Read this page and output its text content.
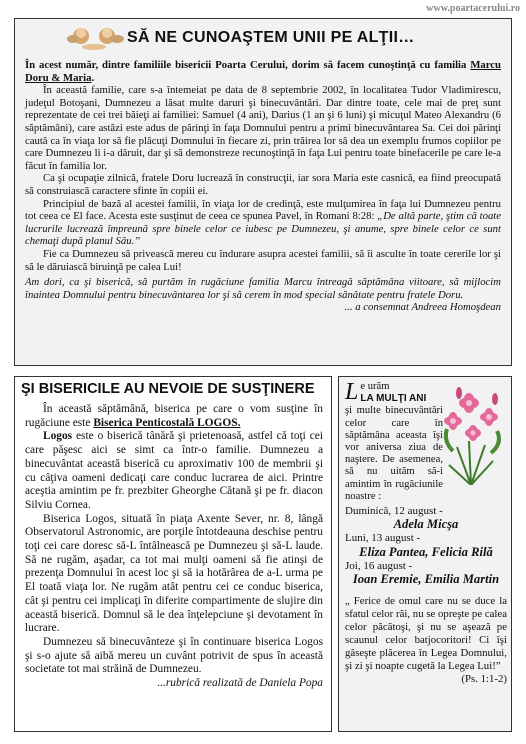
www.poartacerului.ro
SĂ NE CUNOAŞTEM UNII PE ALŢII…

În acest număr, dintre familiile bisericii Poarta Cerului, dorim să facem cunoştinţă cu familia Marcu Doru & Maria.

În această familie, care s-a întemeiat pe data de 8 septembrie 2002, în localitatea Tudor Vladimirescu, judeţul Botoşani, Dumnezeu a lăsat multe daruri şi binecuvântări. Dar dintre toate, cele mai de preţ sunt reprezentate de cei trei băieţi ai familiei: Samuel (4 ani), Darius (1 an şi 6 luni) şi micuţul Mateo Alexandru (6 săptămâni), care astăzi este adus de părinţi în faţa Domnului pentru a primi binecuvântarea Sa. Cei doi părinţi caută ca în viaţa lor să fie plăcuţi Domnului în fiecare zi, prin trăirea lor să dea un exemplu frumos copiilor pe care Dumnezeu li i-a dăruit, dar şi să demonstreze recunoştinţă în faţa Lui pentru toate binefacerile pe care le-a făcut în familia lor.

Ca şi ocupaţie zilnică, fratele Doru lucrează în construcţii, iar sora Maria este casnică, ea fiind preocupată să construiască caractere sfinte în copiii ei.

Principiul de bază al acestei familii, în viaţa lor de credinţă, este mulţumirea în faţa lui Dumnezeu pentru tot ceea ce El face. Acesta este susţinut de ceea ce spunea Pavel, în Romani 8:28: „De altă parte, ştim că toate lucrurile lucrează împreună spre binele celor ce iubesc pe Dumnezeu, şi anume, spre binele celor ce sunt chemaţi după planul Său.”

Fie ca Dumnezeu să privească mereu cu îndurare asupra acestei familii, să îi asculte în toate cererile lor şi să le dăruiască biruinţă pe calea Lui!

Am dori, ca şi biserică, să purtăm în rugăciune familia Marcu întreagă săptămâna viitoare, să mijlocim înaintea Domnului pentru binecuvântarea lor şi să cerem în mod special sănătate pentru fratele Doru.

... a consemnat Andreea Homoşdean

ŞI BISERICILE AU NEVOIE DE SUSŢINERE

În această săptămână, biserica pe care o vom susţine în rugăciune este Biserica Penticostală LOGOS.

Logos este o biserică tânără şi prietenoasă, astfel că toţi cei care păşesc aici se simt ca într-o familie. Dumnezeu a binecuvântat această biserică cu aproximativ 100 de membrii şi cu câţiva oameni dedicaţi care conduc lucrarea de aici. Printre aceştia amintim pe fr. prezbiter Gheorghe Cătană şi pe fr. diacon Silviu Cornea.

Biserica Logos, situată în piaţa Axente Sever, nr. 8, lângă Observatorul Astronomic, are porţile întotdeauna deschise pentru toţi cei care doresc să-L întâlnească pe Dumnezeu şi să-L laude. Să ne rugăm, aşadar, ca tot mai mulţi oameni să fie atinşi de prezenţa Domnului în acest loc şi să ia hotărârea de a-L urma pe El toată viaţa lor. Ne rugăm atât pentru cei ce conduc biserica, cât şi pentru cei implicaţi în diferite compartimente de slujire din această biserică. Domnul să le dea înţelepciune şi devotament în lucrare.

Dumnezeu să binecuvânteze şi în continuare biserica Logos şi s-o ajute să aibă mereu un cuvânt potrivit de spus în această societate tot mai străină de Dumnezeu.

...rubrică realizată de Daniela Popa

Le urăm
LA MULŢI ANI

şi multe binecuvântări celor care în săptămâna aceasta îşi vor aniversa ziua de naştere. De asemenea, să nu uităm să-i amintim în rugăciunile noastre :

Duminică, 12 august -

Adela Micşa

Luni, 13 august -

Eliza Pantea, Felicia Rilă

Joi, 16 august -

Ioan Eremie, Emilia Martin

„ Ferice de omul care nu se duce la sfatul celor răi, nu se opreşte pe calea celor păcătoşi, şi nu se aşează pe scaunul celor batjocoritori! Ci îşi găseşte plăcerea în Legea Domnului, şi zi şi noapte cugetă la Legea Lui!”
(Ps. 1:1-2)
